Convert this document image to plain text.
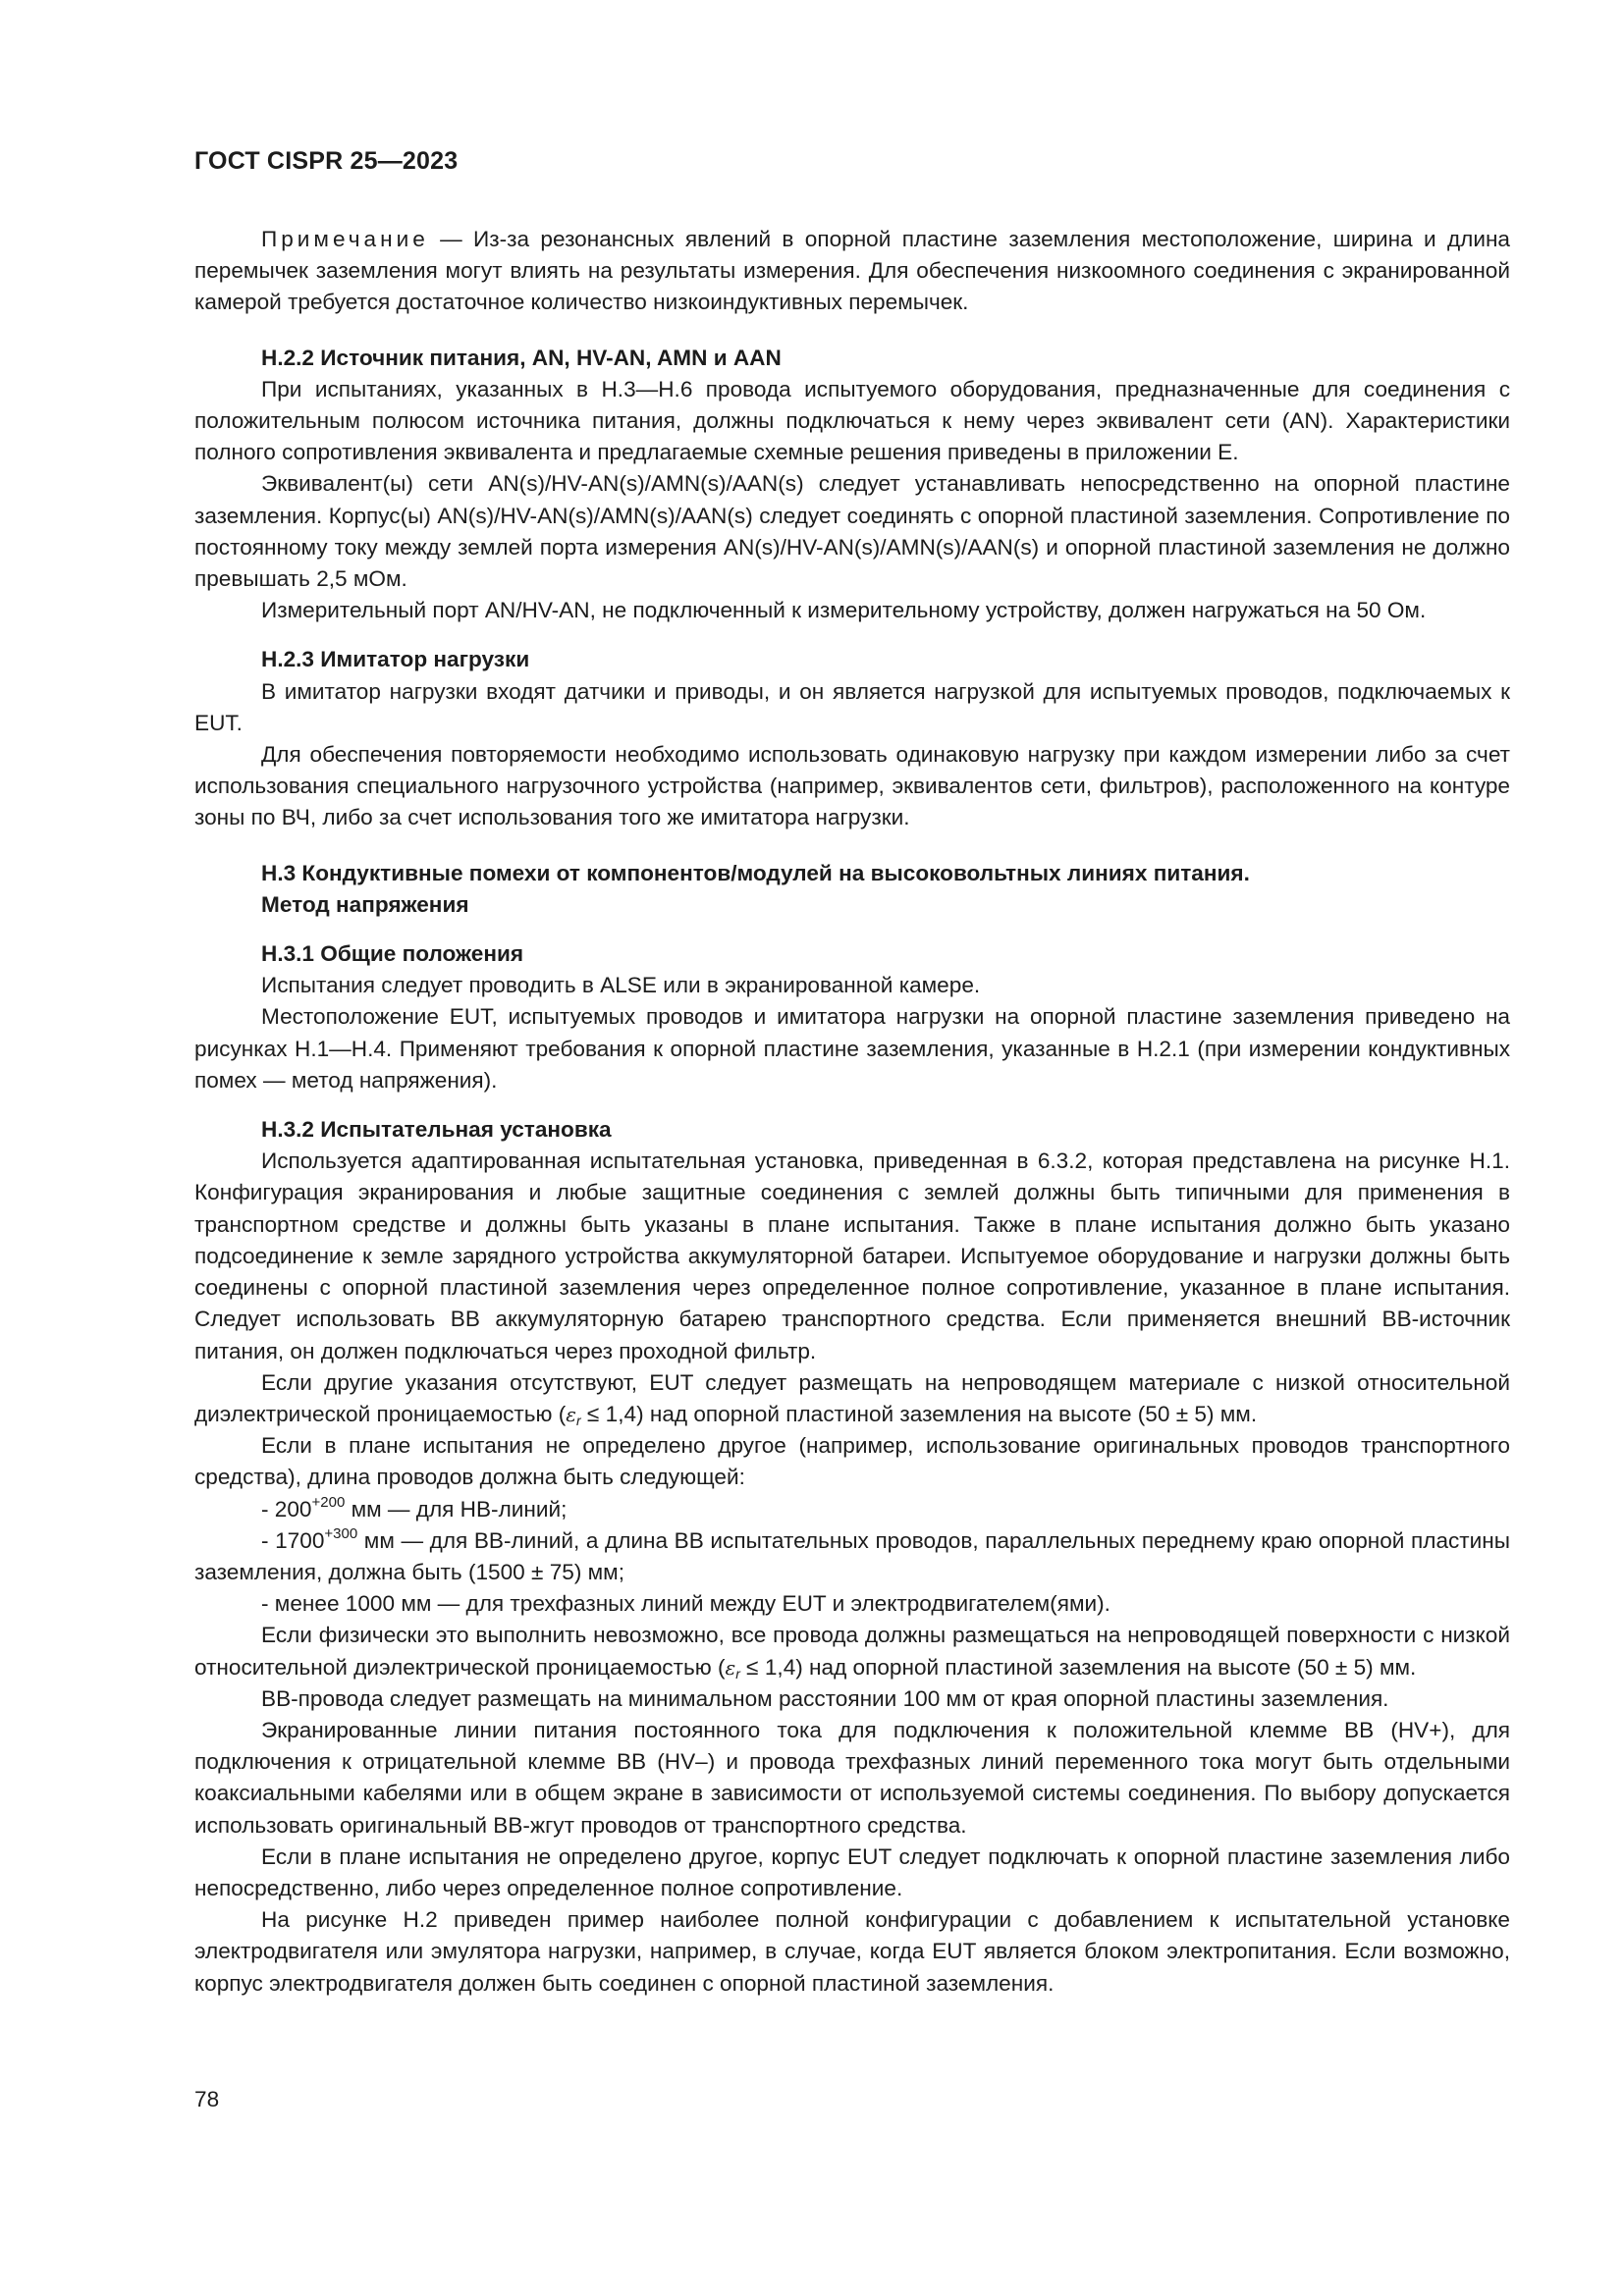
ГОСТ CISPR 25—2023

Примечание — Из-за резонансных явлений в опорной пластине заземления местоположение, ширина и длина перемычек заземления могут влиять на результаты измерения. Для обеспечения низкоомного соединения с экранированной камерой требуется достаточное количество низкоиндуктивных перемычек.

H.2.2 Источник питания, AN, HV-AN, AMN и AAN

При испытаниях, указанных в H.3—H.6 провода испытуемого оборудования, предназначенные для соединения с положительным полюсом источника питания, должны подключаться к нему через эквивалент сети (AN). Характеристики полного сопротивления эквивалента и предлагаемые схемные решения приведены в приложении Е.

Эквивалент(ы) сети AN(s)/HV-AN(s)/AMN(s)/AAN(s) следует устанавливать непосредственно на опорной пластине заземления. Корпус(ы) AN(s)/HV-AN(s)/AMN(s)/AAN(s) следует соединять с опорной пластиной заземления. Сопротивление по постоянному току между землей порта измерения AN(s)/HV-AN(s)/AMN(s)/AAN(s) и опорной пластиной заземления не должно превышать 2,5 мОм.

Измерительный порт AN/HV-AN, не подключенный к измерительному устройству, должен нагружаться на 50 Ом.

H.2.3 Имитатор нагрузки

В имитатор нагрузки входят датчики и приводы, и он является нагрузкой для испытуемых проводов, подключаемых к EUT.

Для обеспечения повторяемости необходимо использовать одинаковую нагрузку при каждом измерении либо за счет использования специального нагрузочного устройства (например, эквивалентов сети, фильтров), расположенного на контуре зоны по ВЧ, либо за счет использования того же имитатора нагрузки.

H.3 Кондуктивные помехи от компонентов/модулей на высоковольтных линиях питания.
Метод напряжения
H.3.1 Общие положения

Испытания следует проводить в ALSE или в экранированной камере.

Местоположение EUT, испытуемых проводов и имитатора нагрузки на опорной пластине заземления приведено на рисунках H.1—H.4. Применяют требования к опорной пластине заземления, указанные в H.2.1 (при измерении кондуктивных помех — метод напряжения).

H.3.2 Испытательная установка

Используется адаптированная испытательная установка, приведенная в 6.3.2, которая представлена на рисунке H.1. Конфигурация экранирования и любые защитные соединения с землей должны быть типичными для применения в транспортном средстве и должны быть указаны в плане испытания. Также в плане испытания должно быть указано подсоединение к земле зарядного устройства аккумуляторной батареи. Испытуемое оборудование и нагрузки должны быть соединены с опорной пластиной заземления через определенное полное сопротивление, указанное в плане испытания. Следует использовать ВВ аккумуляторную батарею транспортного средства. Если применяется внешний ВВ-источник питания, он должен подключаться через проходной фильтр.

Если другие указания отсутствуют, EUT следует размещать на непроводящем материале с низкой относительной диэлектрической проницаемостью $(\varepsilon_r \le 1,4)$ над опорной пластиной заземления на высоте (50 ± 5) мм.

Если в плане испытания не определено другое (например, использование оригинальных проводов транспортного средства), длина проводов должна быть следующей:

- $200^{+200}$ мм — для НВ-линий;

- $1700^{+300}$ мм — для ВВ-линий, а длина ВВ испытательных проводов, параллельных переднему краю опорной пластины заземления, должна быть (1500 ± 75) мм;

- менее 1000 мм — для трехфазных линий между EUT и электродвигателем(ями).

Если физически это выполнить невозможно, все провода должны размещаться на непроводящей поверхности с низкой относительной диэлектрической проницаемостью $(\varepsilon_r \le 1,4)$ над опорной пластиной заземления на высоте (50 ± 5) мм.

ВВ-провода следует размещать на минимальном расстоянии 100 мм от края опорной пластины заземления.

Экранированные линии питания постоянного тока для подключения к положительной клемме ВВ (HV+), для подключения к отрицательной клемме ВВ (HV–) и провода трехфазных линий переменного тока могут быть отдельными коаксиальными кабелями или в общем экране в зависимости от используемой системы соединения. По выбору допускается использовать оригинальный ВВ-жгут проводов от транспортного средства.

Если в плане испытания не определено другое, корпус EUT следует подключать к опорной пластине заземления либо непосредственно, либо через определенное полное сопротивление.

На рисунке H.2 приведен пример наиболее полной конфигурации с добавлением к испытательной установке электродвигателя или эмулятора нагрузки, например, в случае, когда EUT является блоком электропитания. Если возможно, корпус электродвигателя должен быть соединен с опорной пластиной заземления.

78
